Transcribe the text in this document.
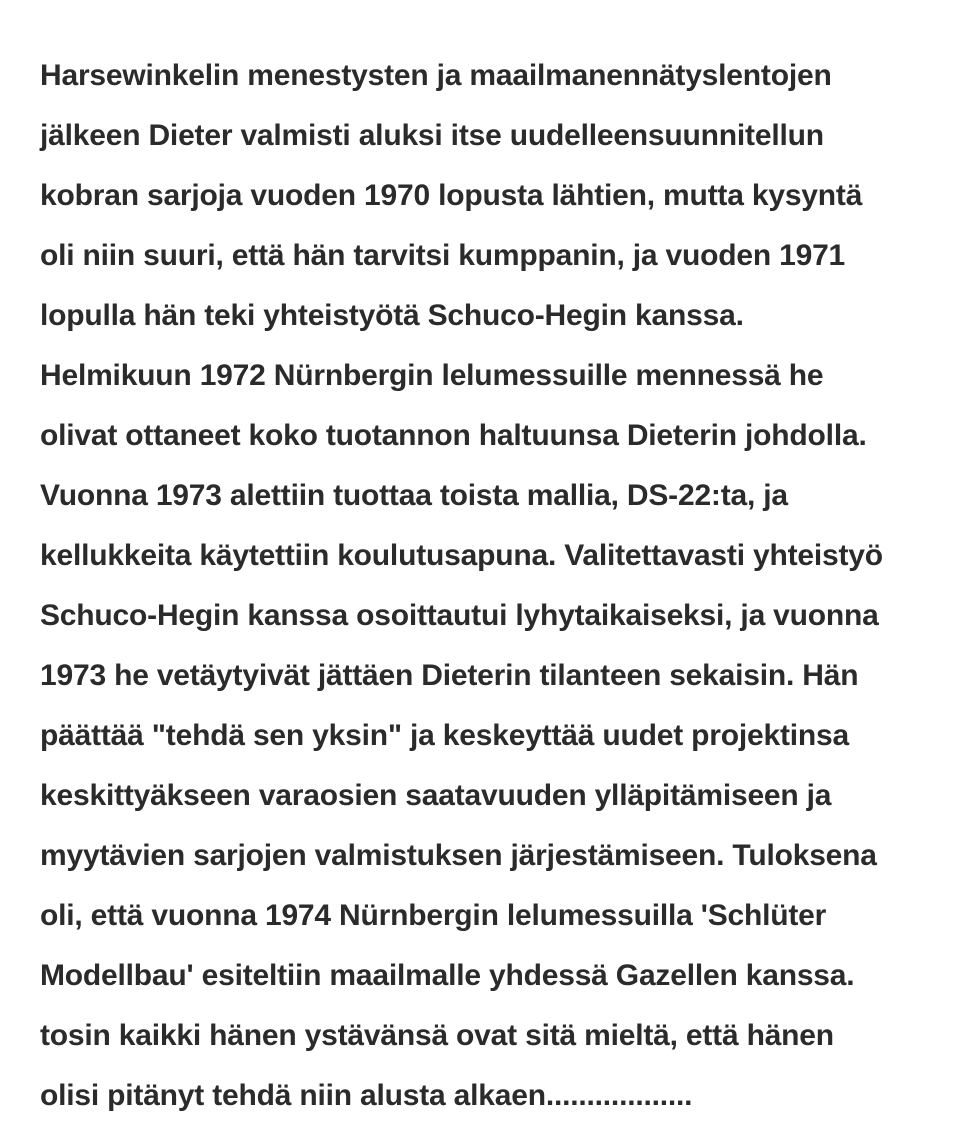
Harsewinkelin menestysten ja maailmanennätyslentojen
jälkeen Dieter valmisti aluksi itse uudelleensuunnitellun
kobran sarjoja vuoden 1970 lopusta lähtien, mutta kysyntä
oli niin suuri, että hän tarvitsi kumppanin, ja vuoden 1971
lopulla hän teki yhteistyötä Schuco-Hegin kanssa.
Helmikuun 1972 Nürnbergin lelumessuille mennessä he
olivat ottaneet koko tuotannon haltuunsa Dieterin johdolla.
Vuonna 1973 alettiin tuottaa toista mallia, DS-22:ta, ja
kellukkeita käytettiin koulutusapuna. Valitettavasti yhteistyö
Schuco-Hegin kanssa osoittautui lyhytaikaiseksi, ja vuonna
1973 he vetäytyivät jättäen Dieterin tilanteen sekaisin. Hän
päättää "tehdä sen yksin" ja keskeyttää uudet projektinsa
keskittyäkseen varaosien saatavuuden ylläpitämiseen ja
myytävien sarjojen valmistuksen järjestämiseen. Tuloksena
oli, että vuonna 1974 Nürnbergin lelumessuilla 'Schlüter
Modellbau' esiteltiin maailmalle yhdessä Gazellen kanssa.
tosin kaikki hänen ystävänsä ovat sitä mieltä, että hänen
olisi pitänyt tehdä niin alusta alkaen..................
